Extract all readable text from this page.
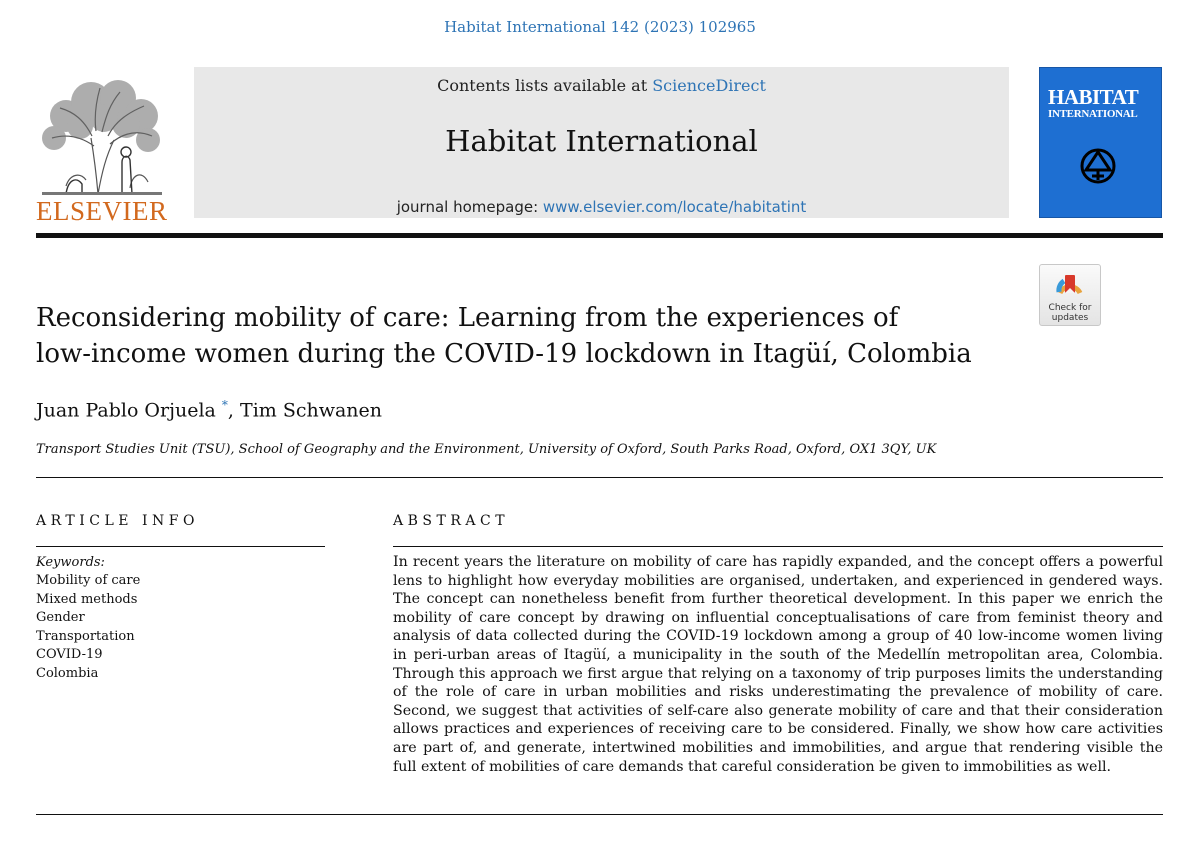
Habitat International 142 (2023) 102965
ELSEVIER
Contents lists available at ScienceDirect
Habitat International
journal homepage: www.elsevier.com/locate/habitatint
HABITAT
INTERNATIONAL
Check for
updates
Reconsidering mobility of care: Learning from the experiences of
low-income women during the COVID-19 lockdown in Itagüí, Colombia
Juan Pablo Orjuela *, Tim Schwanen
Transport Studies Unit (TSU), School of Geography and the Environment, University of Oxford, South Parks Road, Oxford, OX1 3QY, UK
ARTICLE INFO	ABSTRACT
Keywords:
Mobility of care
Mixed methods
Gender
Transportation
COVID-19
Colombia

In recent years the literature on mobility of care has rapidly expanded, and the concept offers a powerful lens to highlight how everyday mobilities are organised, undertaken, and experienced in gendered ways. The concept can nonetheless benefit from further theoretical development. In this paper we enrich the mobility of care concept by drawing on influential conceptualisations of care from feminist theory and analysis of data collected during the COVID-19 lockdown among a group of 40 low-income women living in peri-urban areas of Itagüí, a municipality in the south of the Medellín metropolitan area, Colombia. Through this approach we first argue that relying on a taxonomy of trip purposes limits the understanding of the role of care in urban mobilities and risks underestimating the prevalence of mobility of care. Second, we suggest that activities of self-care also generate mobility of care and that their consideration allows practices and experiences of receiving care to be considered. Finally, we show how care activities are part of, and generate, intertwined mobilities and immobilities, and argue that rendering visible the full extent of mobilities of care demands that careful consideration be given to immobilities as well.
